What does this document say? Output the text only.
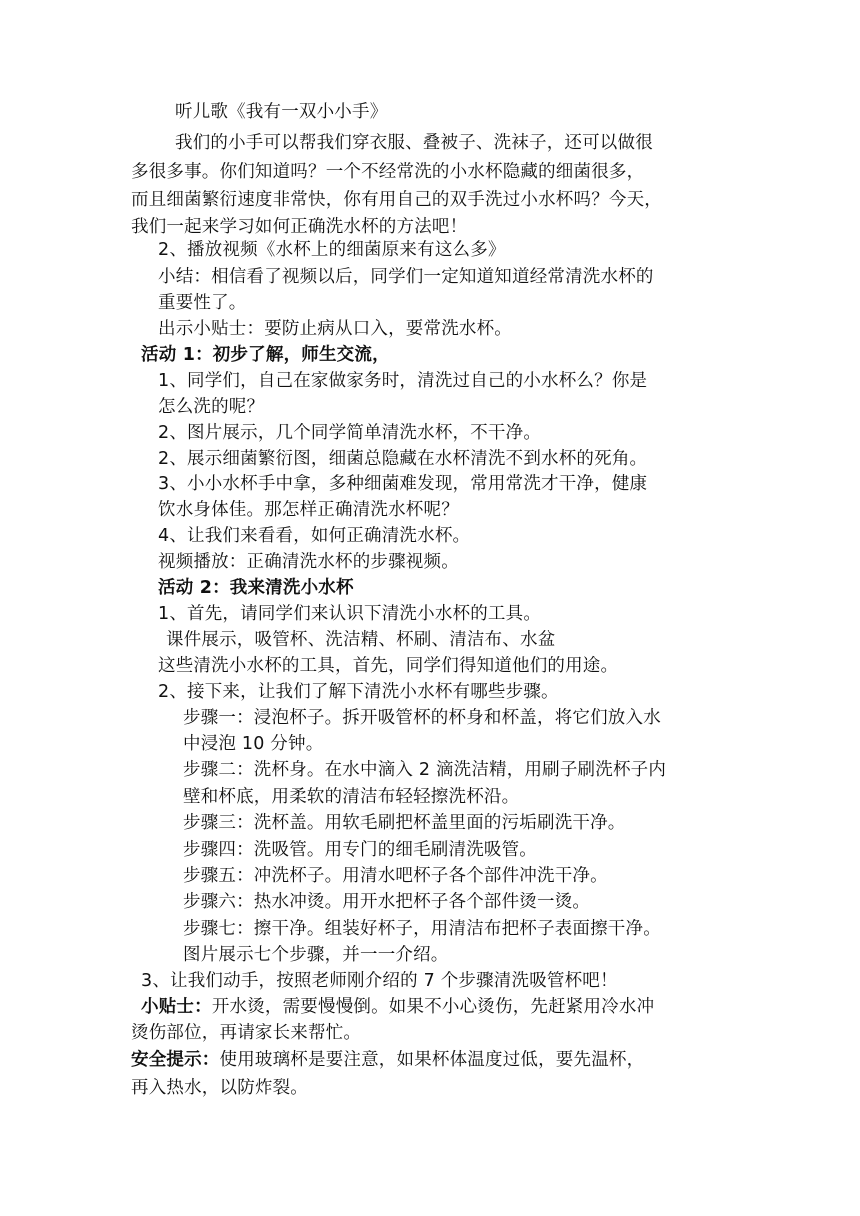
听儿歌《我有一双小小手》
我们的小手可以帮我们穿衣服、叠被子、洗袜子，还可以做很
多很多事。你们知道吗？一个不经常洗的小水杯隐藏的细菌很多，
而且细菌繁衍速度非常快，你有用自己的双手洗过小水杯吗？今天，
我们一起来学习如何正确洗水杯的方法吧！
2、播放视频《水杯上的细菌原来有这么多》
小结：相信看了视频以后，同学们一定知道知道经常清洗水杯的
重要性了。
出示小贴士：要防止病从口入，要常洗水杯。
活动 1：初步了解，师生交流，
1、同学们，自己在家做家务时，清洗过自己的小水杯么？你是
怎么洗的呢？
2、图片展示，几个同学简单清洗水杯，不干净。
2、展示细菌繁衍图，细菌总隐藏在水杯清洗不到水杯的死角。
3、小小水杯手中拿，多种细菌难发现，常用常洗才干净，健康
饮水身体佳。那怎样正确清洗水杯呢？
4、让我们来看看，如何正确清洗水杯。
视频播放：正确清洗水杯的步骤视频。
活动 2：我来清洗小水杯
1、首先，请同学们来认识下清洗小水杯的工具。
课件展示，吸管杯、洗洁精、杯刷、清洁布、水盆
这些清洗小水杯的工具，首先，同学们得知道他们的用途。
2、接下来，让我们了解下清洗小水杯有哪些步骤。
步骤一：浸泡杯子。拆开吸管杯的杯身和杯盖，将它们放入水
中浸泡 10 分钟。
步骤二：洗杯身。在水中滴入 2 滴洗洁精，用刷子刷洗杯子内
壁和杯底，用柔软的清洁布轻轻擦洗杯沿。
步骤三：洗杯盖。用软毛刷把杯盖里面的污垢刷洗干净。
步骤四：洗吸管。用专门的细毛刷清洗吸管。
步骤五：冲洗杯子。用清水吧杯子各个部件冲洗干净。
步骤六：热水冲烫。用开水把杯子各个部件烫一烫。
步骤七：擦干净。组装好杯子，用清洁布把杯子表面擦干净。
图片展示七个步骤，并一一介绍。
3、让我们动手，按照老师刚介绍的 7 个步骤清洗吸管杯吧！
小贴士：开水烫，需要慢慢倒。如果不小心烫伤，先赶紧用冷水冲
烫伤部位，再请家长来帮忙。
安全提示：使用玻璃杯是要注意，如果杯体温度过低，要先温杯，
再入热水，以防炸裂。
